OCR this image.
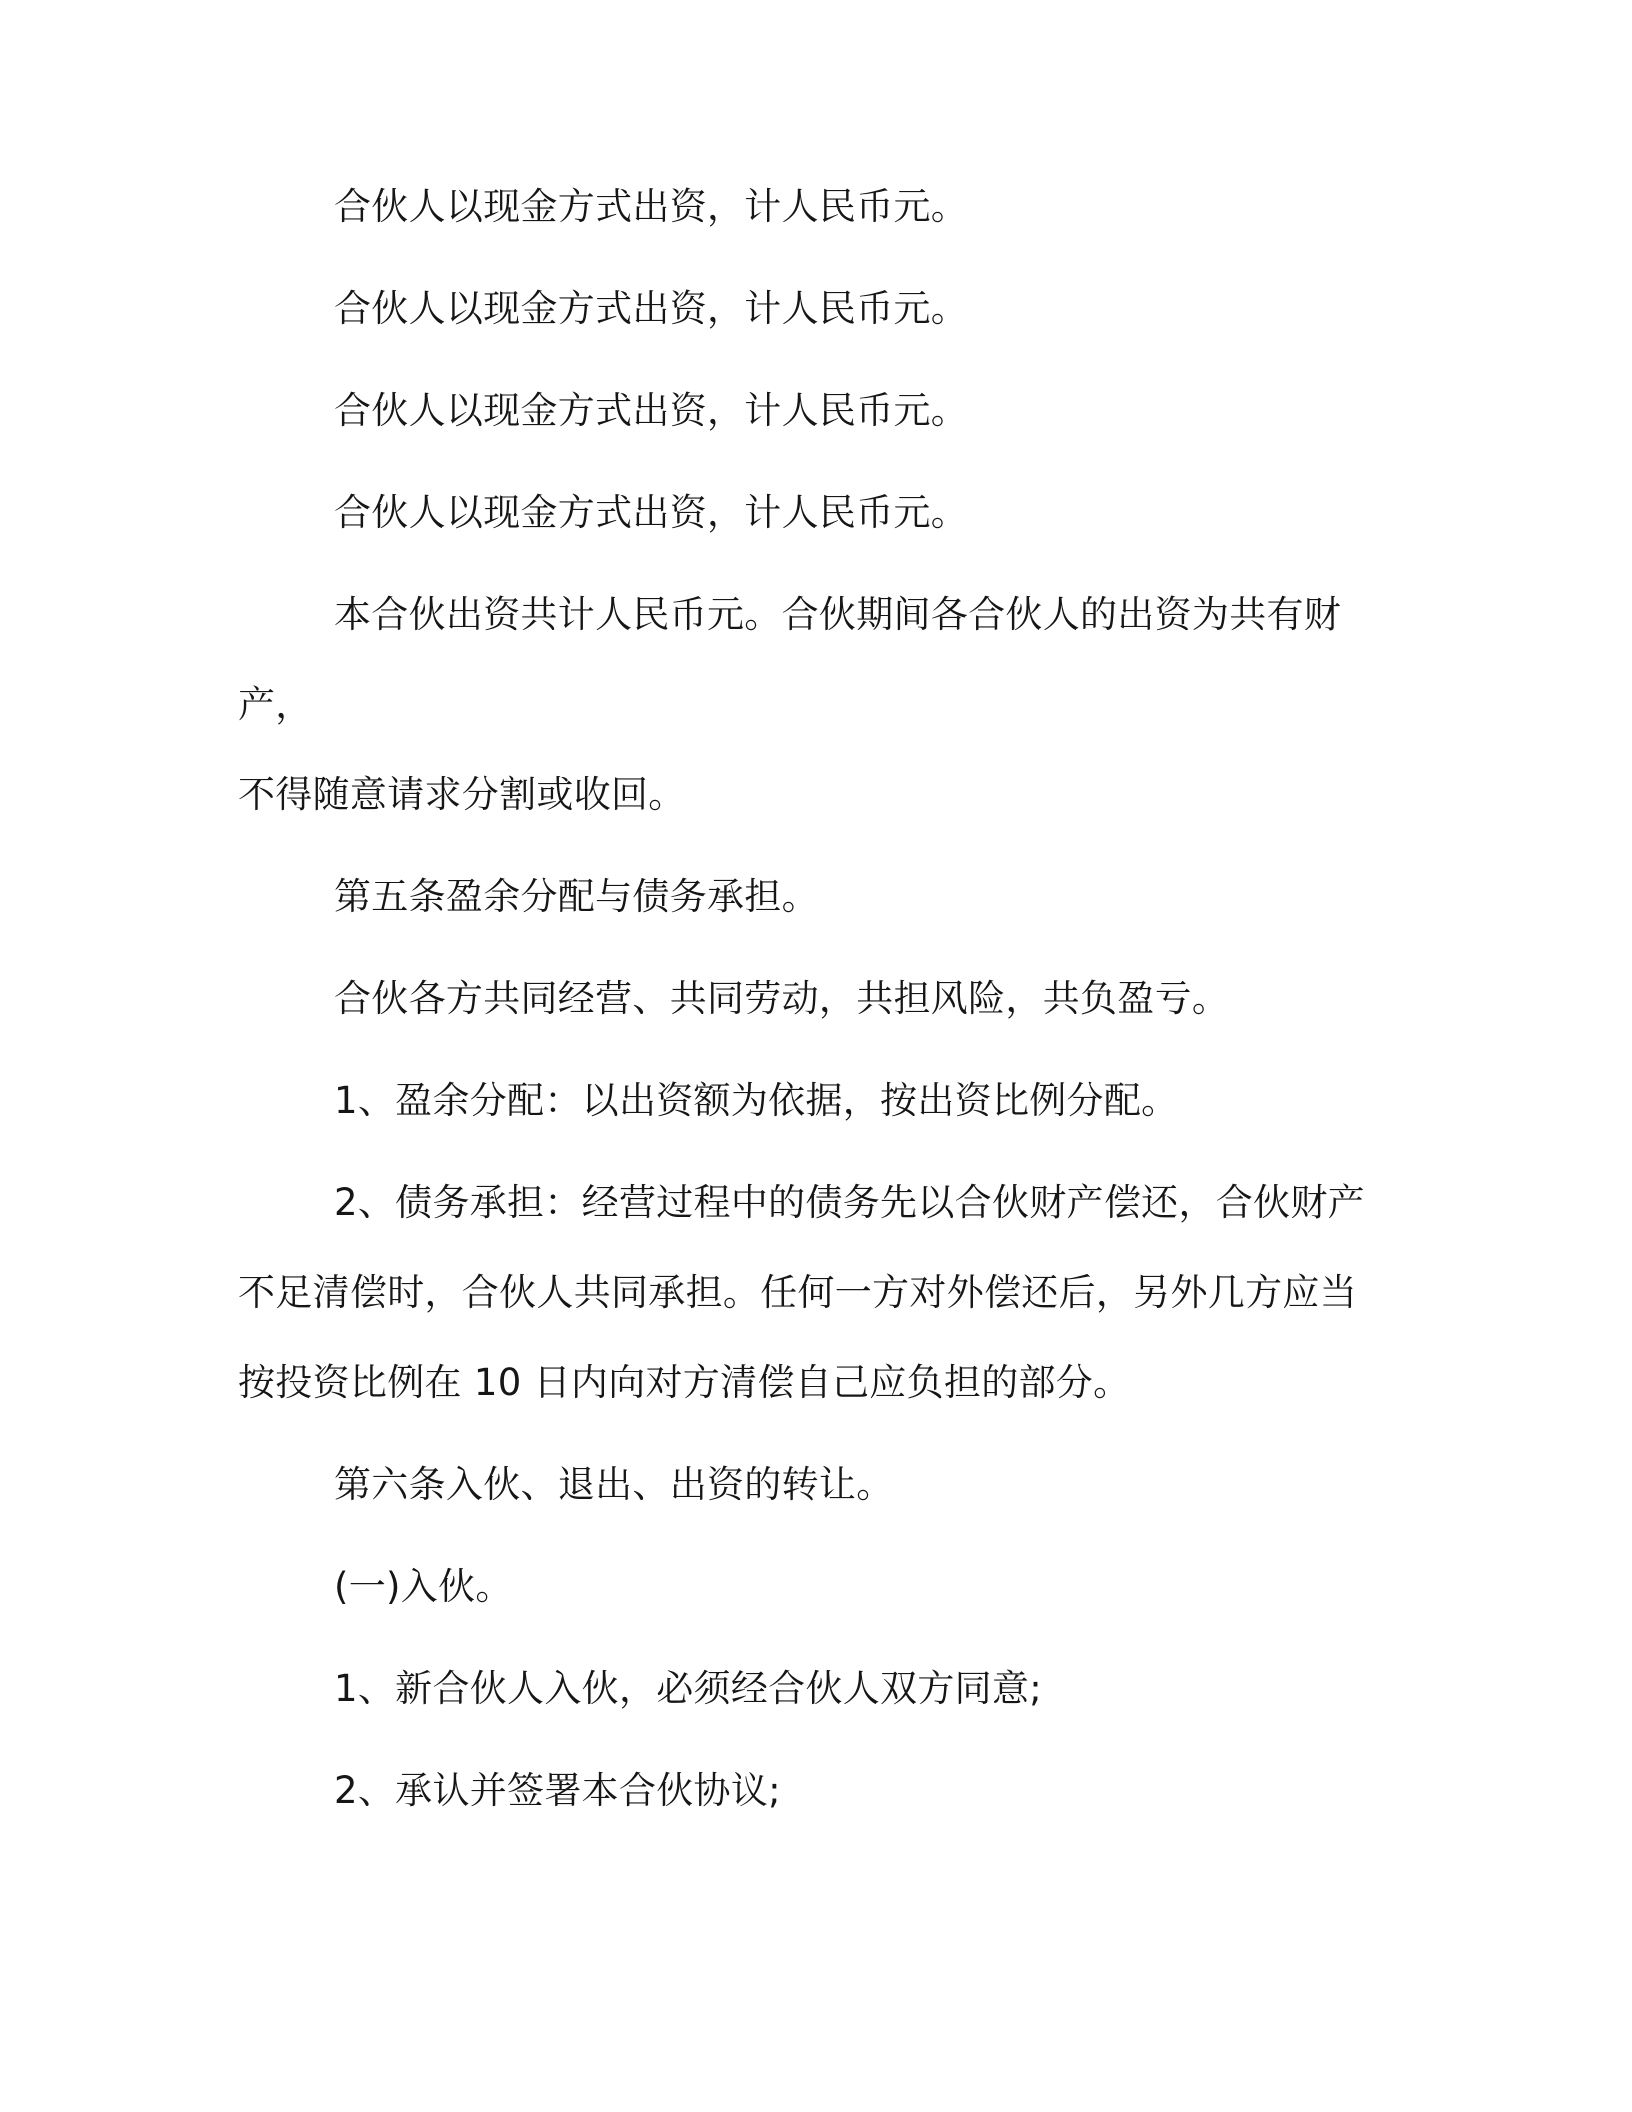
合伙人以现金方式出资，计人民币元。

合伙人以现金方式出资，计人民币元。

合伙人以现金方式出资，计人民币元。

合伙人以现金方式出资，计人民币元。

本合伙出资共计人民币元。合伙期间各合伙人的出资为共有财产，
不得随意请求分割或收回。

第五条盈余分配与债务承担。

合伙各方共同经营、共同劳动，共担风险，共负盈亏。

1、盈余分配：以出资额为依据，按出资比例分配。

2、债务承担：经营过程中的债务先以合伙财产偿还，合伙财产
不足清偿时，合伙人共同承担。任何一方对外偿还后，另外几方应当
按投资比例在 10 日内向对方清偿自己应负担的部分。

第六条入伙、退出、出资的转让。

(一)入伙。

1、新合伙人入伙，必须经合伙人双方同意;

2、承认并签署本合伙协议;
